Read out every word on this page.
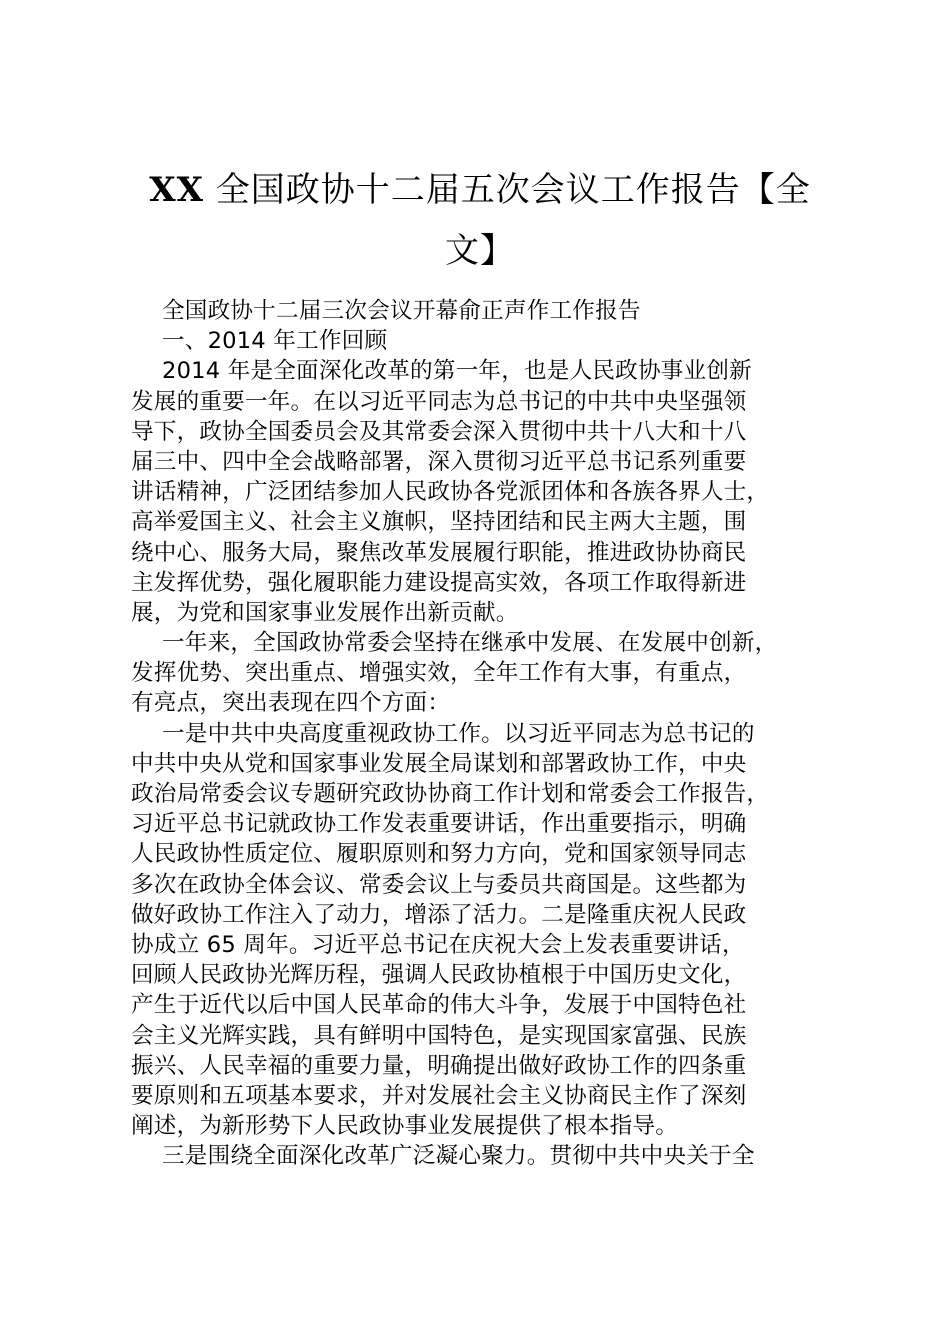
XX 全国政协十二届五次会议工作报告【全
文】
全国政协十二届三次会议开幕俞正声作工作报告
一、2014 年工作回顾
2014 年是全面深化改革的第一年，也是人民政协事业创新
发展的重要一年。在以习近平同志为总书记的中共中央坚强领
导下，政协全国委员会及其常委会深入贯彻中共十八大和十八
届三中、四中全会战略部署，深入贯彻习近平总书记系列重要
讲话精神，广泛团结参加人民政协各党派团体和各族各界人士，
高举爱国主义、社会主义旗帜，坚持团结和民主两大主题，围
绕中心、服务大局，聚焦改革发展履行职能，推进政协协商民
主发挥优势，强化履职能力建设提高实效，各项工作取得新进
展，为党和国家事业发展作出新贡献。
一年来，全国政协常委会坚持在继承中发展、在发展中创新，
发挥优势、突出重点、增强实效，全年工作有大事，有重点，
有亮点，突出表现在四个方面：
一是中共中央高度重视政协工作。以习近平同志为总书记的
中共中央从党和国家事业发展全局谋划和部署政协工作，中央
政治局常委会议专题研究政协协商工作计划和常委会工作报告，
习近平总书记就政协工作发表重要讲话，作出重要指示，明确
人民政协性质定位、履职原则和努力方向，党和国家领导同志
多次在政协全体会议、常委会议上与委员共商国是。这些都为
做好政协工作注入了动力，增添了活力。二是隆重庆祝人民政
协成立 65 周年。习近平总书记在庆祝大会上发表重要讲话，
回顾人民政协光辉历程，强调人民政协植根于中国历史文化，
产生于近代以后中国人民革命的伟大斗争，发展于中国特色社
会主义光辉实践，具有鲜明中国特色，是实现国家富强、民族
振兴、人民幸福的重要力量，明确提出做好政协工作的四条重
要原则和五项基本要求，并对发展社会主义协商民主作了深刻
阐述，为新形势下人民政协事业发展提供了根本指导。
三是围绕全面深化改革广泛凝心聚力。贯彻中共中央关于全
